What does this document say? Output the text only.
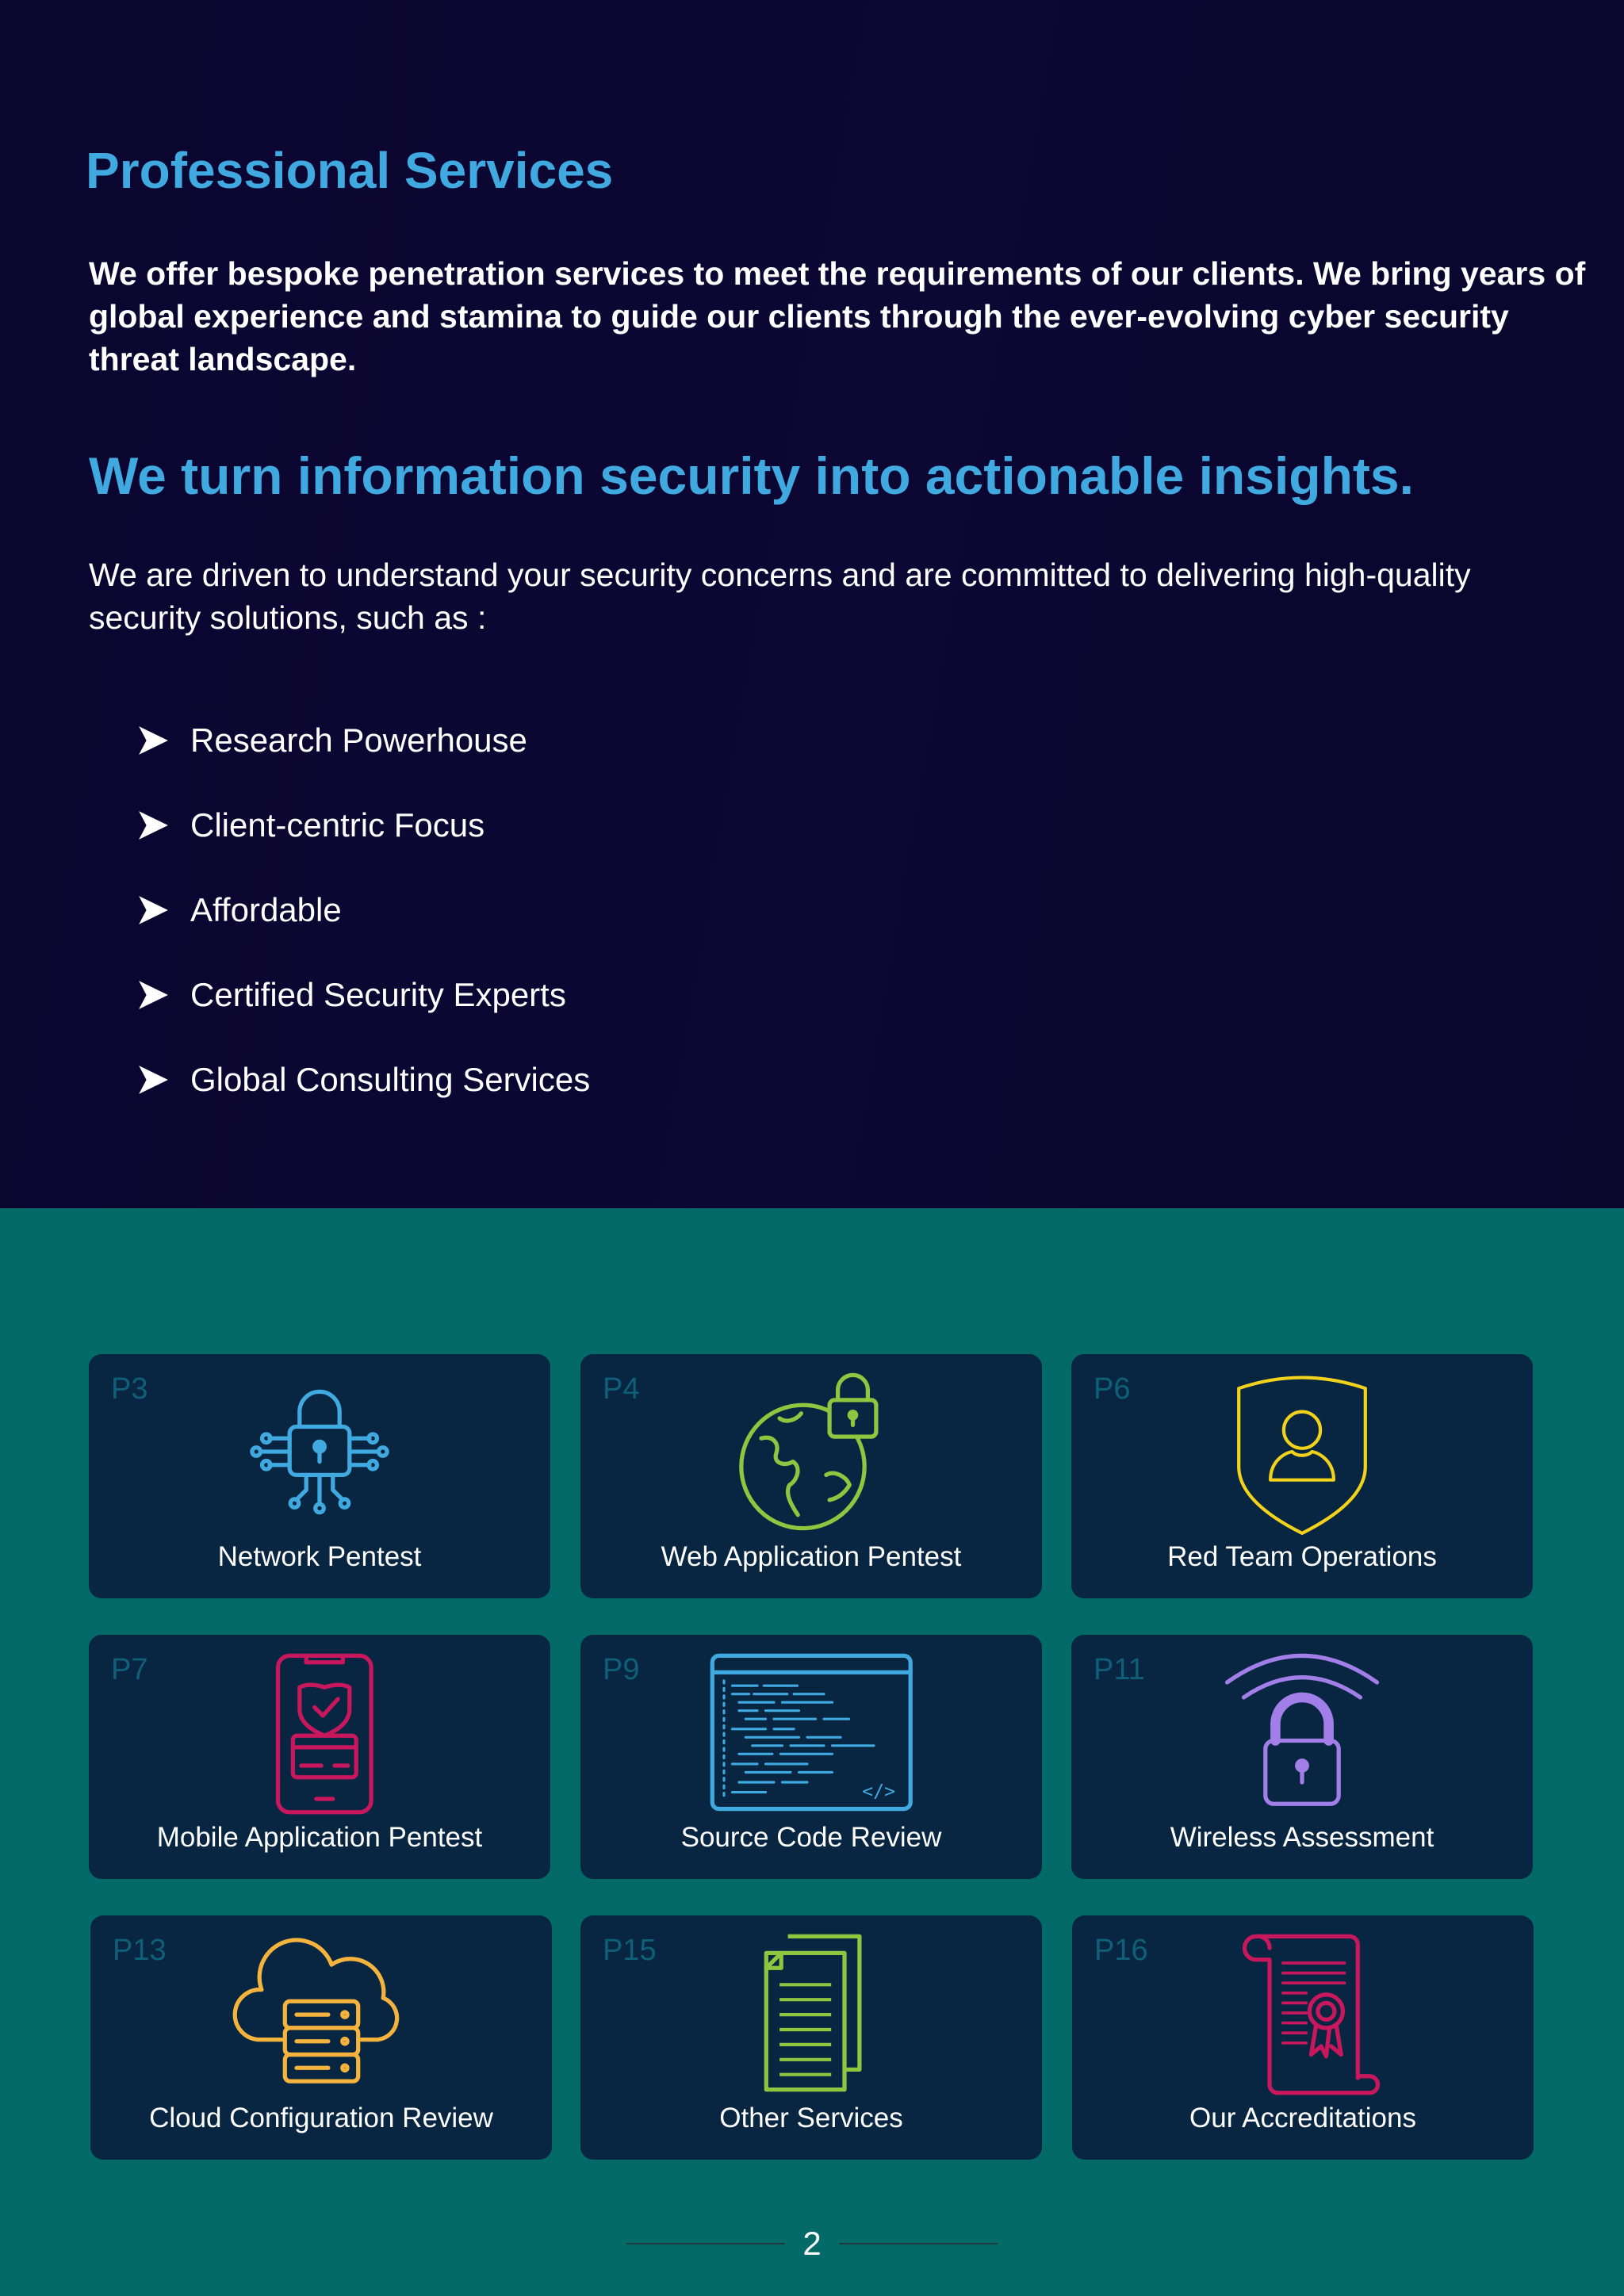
Professional Services

We offer bespoke penetration services to meet the requirements of our clients. We bring years of global experience and stamina to guide our clients through the ever-evolving cyber security threat landscape.

We turn information security into actionable insights.

We are driven to understand your security concerns and are committed to delivering high-quality security solutions, such as :

Research Powerhouse
Client-centric Focus
Affordable
Certified Security Experts
Global Consulting Services
P3
Network Pentest
P4
Web Application Pentest
P6
Red Team Operations
P7
Mobile Application Pentest
P9
</>
Source Code Review
P11
Wireless Assessment
P13
Cloud Configuration Review
P15
Other Services
P16
Our Accreditations
2
